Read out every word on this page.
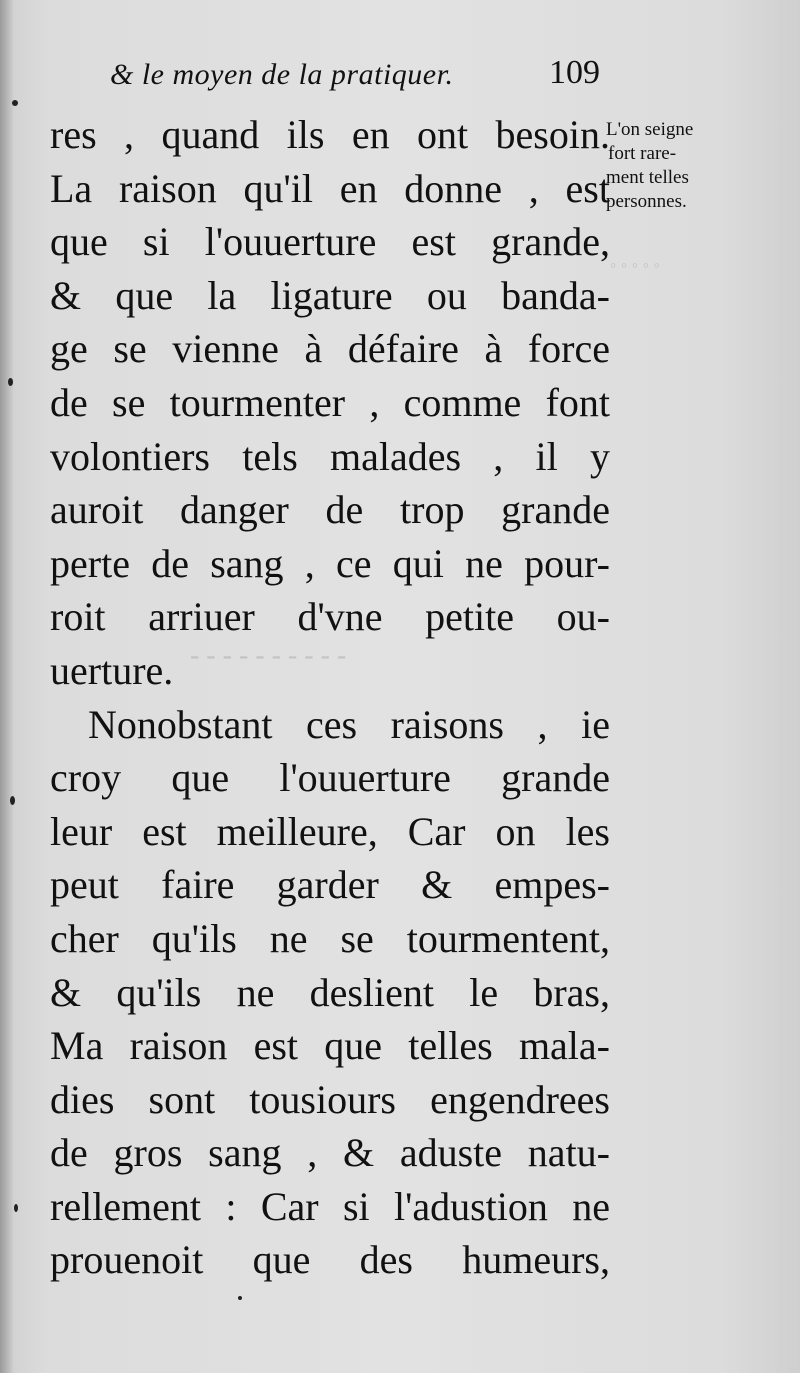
◦ ◦ ◦ ◦ ◦
- - - - - - - - - -
& le moyen de la pratiquer.	109
res , quand ils en ont besoin.
La raison qu'il en donne , est
que si l'ouuerture est grande,
& que la ligature ou banda-
ge se vienne à défaire à force
de se tourmenter , comme font
volontiers tels malades , il y
auroit danger de trop grande
perte de sang , ce qui ne pour-
roit arriuer d'vne petite ou-
uerture.
Nonobstant ces raisons , ie
croy que l'ouuerture grande
leur est meilleure, Car on les
peut faire garder & empes-
cher qu'ils ne se tourmentent,
& qu'ils ne deslient le bras,
Ma raison est que telles mala-
dies sont tousiours engendrees
de gros sang , & aduste natu-
rellement : Car si l'adustion ne
prouenoit que des humeurs,
L'on seigne
fort rare-
ment telles
personnes.
